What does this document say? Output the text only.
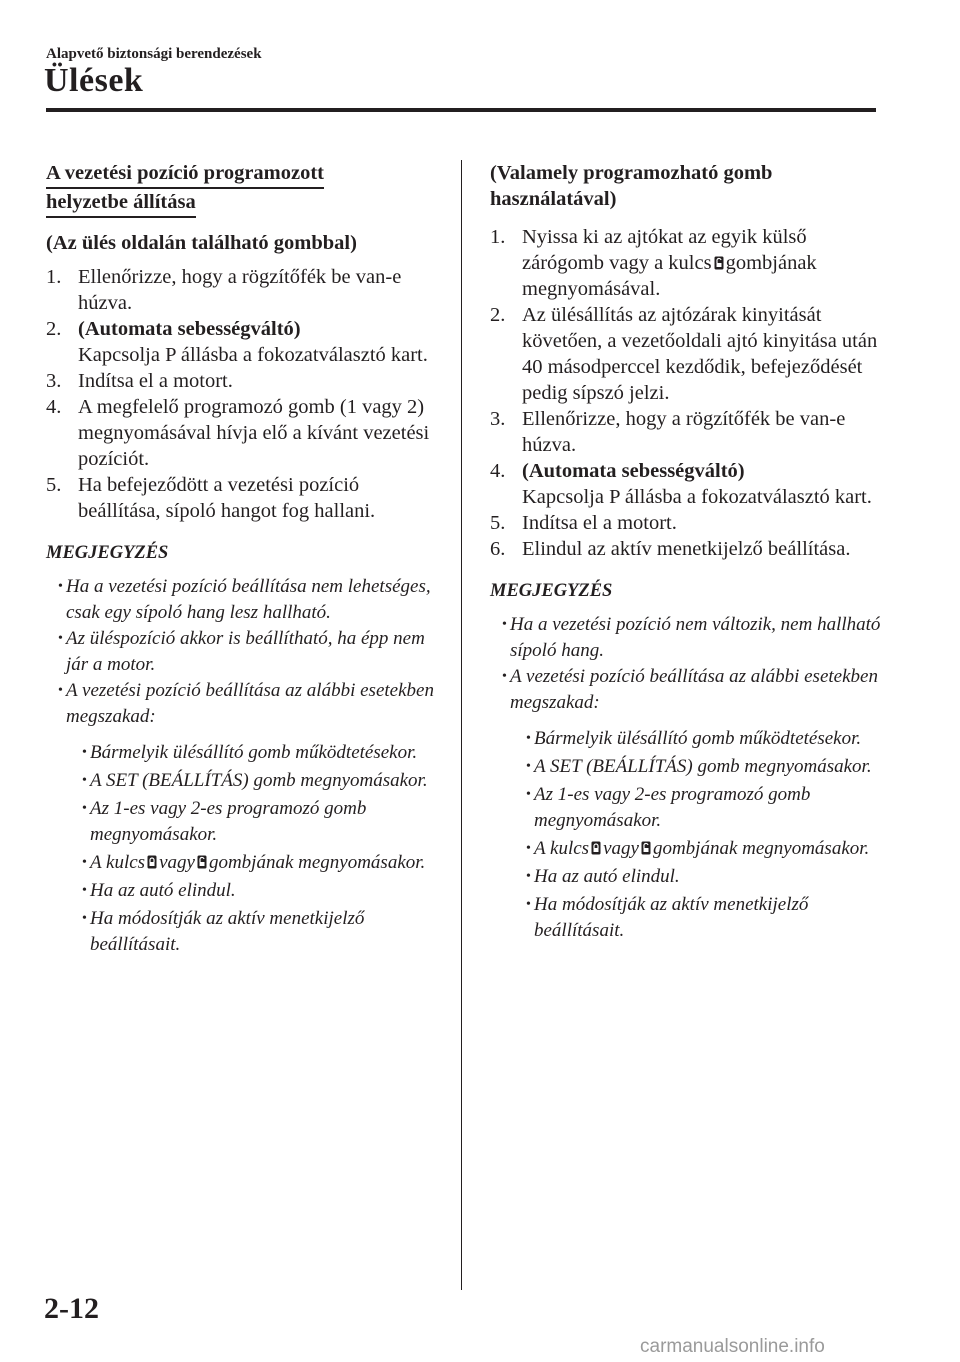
Alapvető biztonsági berendezések
Ülések
A vezetési pozíció programozott
helyzetbe állítása
(Az ülés oldalán található gombbal)
1. Ellenőrizze, hogy a rögzítőfék be van-e húzva.
2. (Automata sebességváltó)
Kapcsolja P állásba a fokozatválasztó kart.
3. Indítsa el a motort.
4. A megfelelő programozó gomb (1 vagy 2) megnyomásával hívja elő a kívánt vezetési pozíciót.
5. Ha befejeződött a vezetési pozíció beállítása, sípoló hangot fog hallani.
MEGJEGYZÉS
• Ha a vezetési pozíció beállítása nem lehetséges, csak egy sípoló hang lesz hallható.
• Az üléspozíció akkor is beállítható, ha épp nem jár a motor.
• A vezetési pozíció beállítása az alábbi esetekben megszakad:
• Bármelyik ülésállító gomb működtetésekor.
• A SET (BEÁLLÍTÁS) gomb megnyomásakor.
• Az 1-es vagy 2-es programozó gomb megnyomásakor.
• A kulcs vagy gombjának megnyomásakor.
• Ha az autó elindul.
• Ha módosítják az aktív menetkijelző beállításait.
(Valamely programozható gomb
használatával)
1. Nyissa ki az ajtókat az egyik külső zárógomb vagy a kulcs gombjának megnyomásával.
2. Az ülésállítás az ajtózárak kinyitását követően, a vezetőoldali ajtó kinyitása után 40 másodperccel kezdődik, befejeződését pedig sípszó jelzi.
3. Ellenőrizze, hogy a rögzítőfék be van-e húzva.
4. (Automata sebességváltó)
Kapcsolja P állásba a fokozatválasztó kart.
5. Indítsa el a motort.
6. Elindul az aktív menetkijelző beállítása.
MEGJEGYZÉS
• Ha a vezetési pozíció nem változik, nem hallható sípoló hang.
• A vezetési pozíció beállítása az alábbi esetekben megszakad:
• Bármelyik ülésállító gomb működtetésekor.
• A SET (BEÁLLÍTÁS) gomb megnyomásakor.
• Az 1-es vagy 2-es programozó gomb megnyomásakor.
• A kulcs vagy gombjának megnyomásakor.
• Ha az autó elindul.
• Ha módosítják az aktív menetkijelző beállításait.
2-12
carmanualsonline.info
